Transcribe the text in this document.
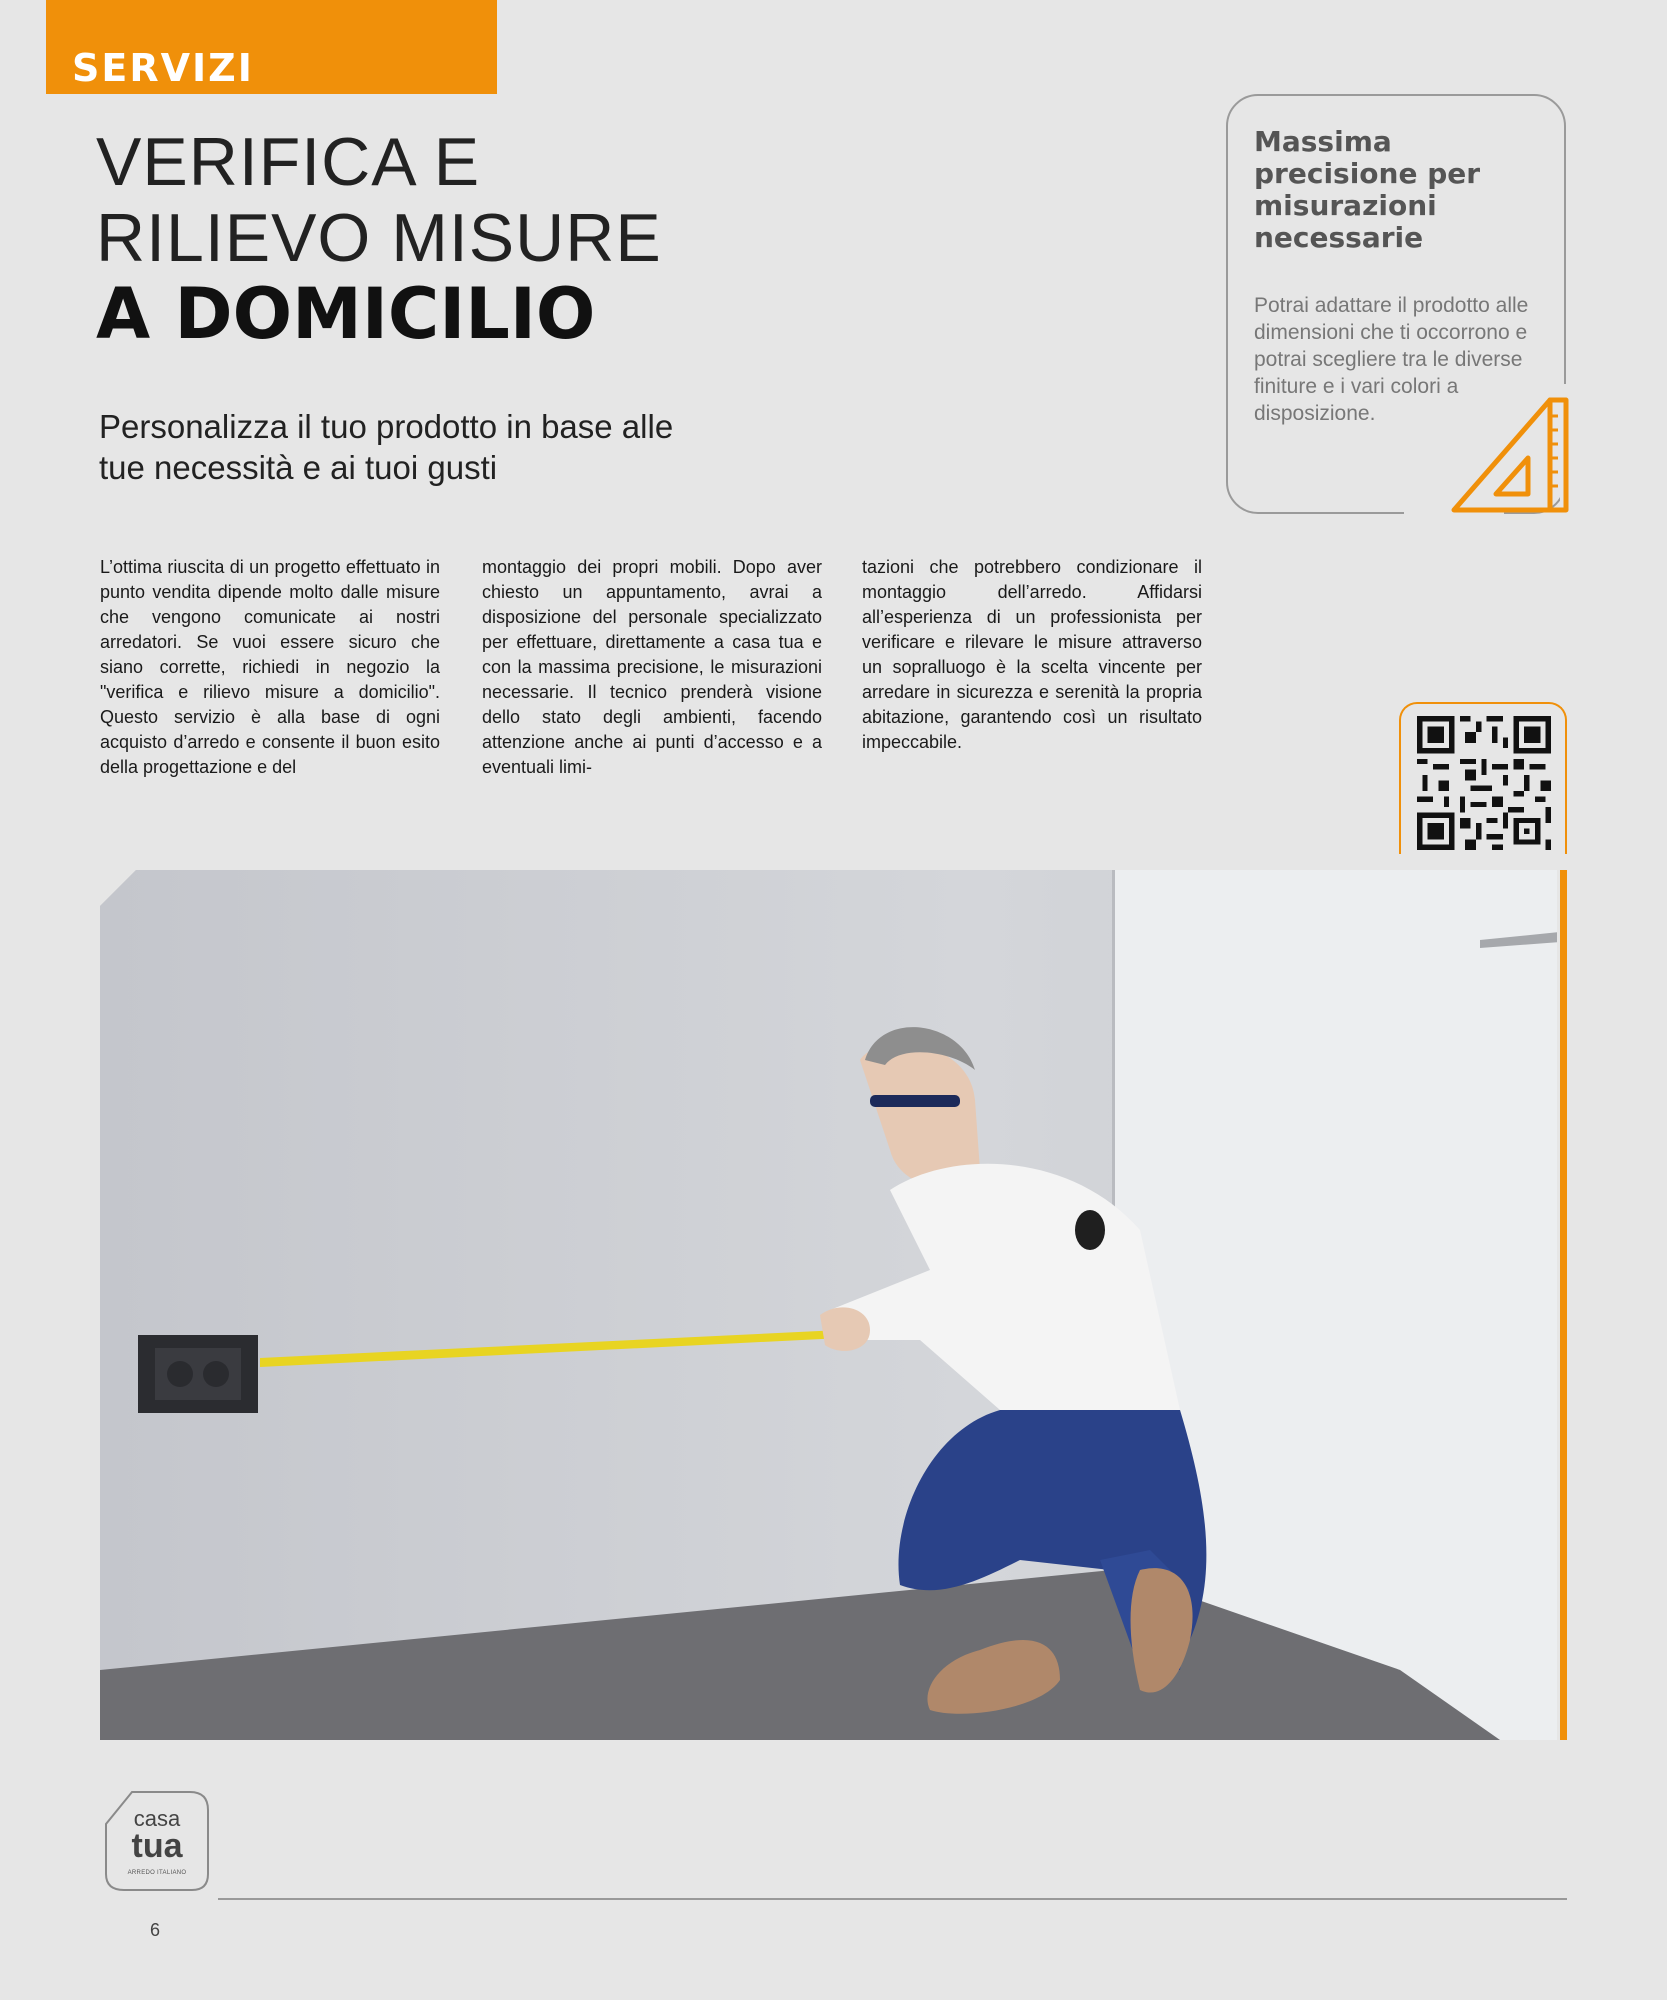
SERVIZI
VERIFICA E
RILIEVO MISURE
A DOMICILIO
Personalizza il tuo prodotto in base alle
tue necessità e ai tuoi gusti
L’ottima riuscita di un progetto effettuato in punto vendita dipende molto dalle misure che vengono comunicate ai nostri arredatori. Se vuoi essere sicuro che siano corrette, richiedi in negozio la "verifica e rilievo misure a domicilio". Questo servizio è alla base di ogni acquisto d’arredo e consente il buon esito della progettazione e del
montaggio dei propri mobili. Dopo aver chiesto un appuntamento, avrai a disposizione del personale specializzato per effettuare, direttamente a casa tua e con la massima precisione, le misurazioni necessarie. Il tecnico prenderà visione dello stato degli ambienti, facendo attenzione anche ai punti d’accesso e a eventuali limi-
tazioni che potrebbero condizionare il montaggio dell’arredo. Affidarsi all’esperienza di un professionista per verificare e rilevare le misure attraverso un sopralluogo è la scelta vincente per arredare in sicurezza e serenità la propria abitazione, garantendo così un risultato impeccabile.
Massima precisione per misurazioni necessarie
Potrai adattare il prodotto alle dimensioni che ti occorrono e potrai scegliere tra le diverse finiture e i vari colori a disposizione.
casa
tua
ARREDO ITALIANO
6
